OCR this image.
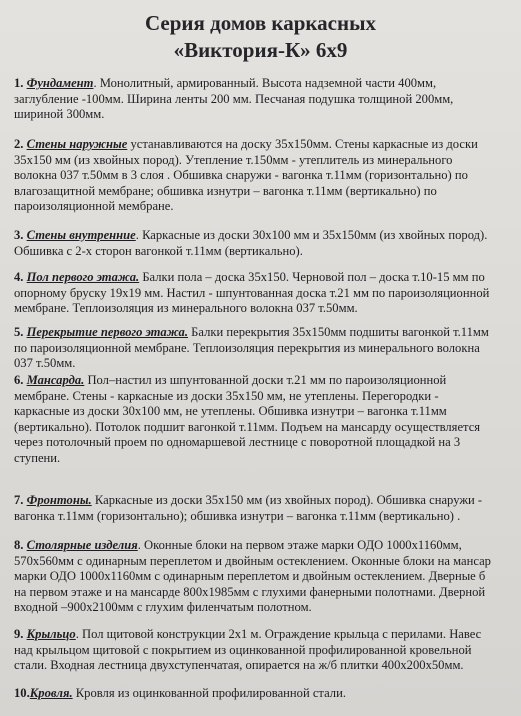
Серия домов каркасных
«Виктория-К» 6х9

1. Фундамент. Монолитный, армированный. Высота надземной части 400мм,

заглубление -100мм. Ширина ленты 200 мм. Песчаная подушка толщиной 200мм,

шириной 300мм.

2. Стены наружные устанавливаются на доску 35х150мм. Стены каркасные из доски

35х150 мм (из хвойных пород). Утепление т.150мм - утеплитель из минерального

волокна 037 т.50мм в 3 слоя . Обшивка снаружи - вагонка т.11мм (горизонтально) по

влагозащитной мембране; обшивка изнутри – вагонка т.11мм (вертикально) по

пароизоляционной мембране.

3. Стены внутренние. Каркасные из доски 30х100 мм и 35х150мм (из хвойных пород).

Обшивка с 2-х сторон вагонкой т.11мм (вертикально).

4. Пол первого этажа. Балки пола – доска 35х150. Черновой пол – доска т.10-15 мм по

опорному бруску 19х19 мм. Настил - шпунтованная доска т.21 мм по пароизоляционной

мембране. Теплоизоляция из минерального волокна 037 т.50мм.

5. Перекрытие первого этажа. Балки перекрытия 35х150мм подшиты вагонкой т.11мм

по пароизоляционной мембране. Теплоизоляция перекрытия из минерального волокна

037 т.50мм.

6. Мансарда. Пол–настил из шпунтованной доски т.21 мм по пароизоляционной

мембране. Стены - каркасные из доски 35х150 мм, не утеплены. Перегородки -

каркасные из доски 30х100 мм, не утеплены. Обшивка изнутри – вагонка т.11мм

(вертикально). Потолок подшит вагонкой т.11мм. Подъем на мансарду осуществляется

через потолочный проем по одномаршевой лестнице с поворотной площадкой на 3

ступени.

7. Фронтоны. Каркасные из доски 35х150 мм (из хвойных пород). Обшивка снаружи -

вагонка т.11мм (горизонтально); обшивка изнутри – вагонка т.11мм (вертикально) .

8. Столярные изделия. Оконные блоки на первом этаже марки ОДО 1000х1160мм,

570х560мм с одинарным переплетом и двойным остеклением. Оконные блоки на мансар

марки ОДО 1000х1160мм с одинарным переплетом и двойным остеклением. Дверные б

на первом этаже и на мансарде 800х1985мм с глухими фанерными полотнами. Дверной

входной –900х2100мм с глухим филенчатым полотном.

9. Крыльцо. Пол щитовой конструкции 2х1 м. Ограждение крыльца с перилами. Навес

над крыльцом щитовой с покрытием из оцинкованной профилированной кровельной

стали. Входная лестница двухступенчатая, опирается на ж/б плитки 400х200х50мм.

10.Кровля. Кровля из оцинкованной профилированной стали.
